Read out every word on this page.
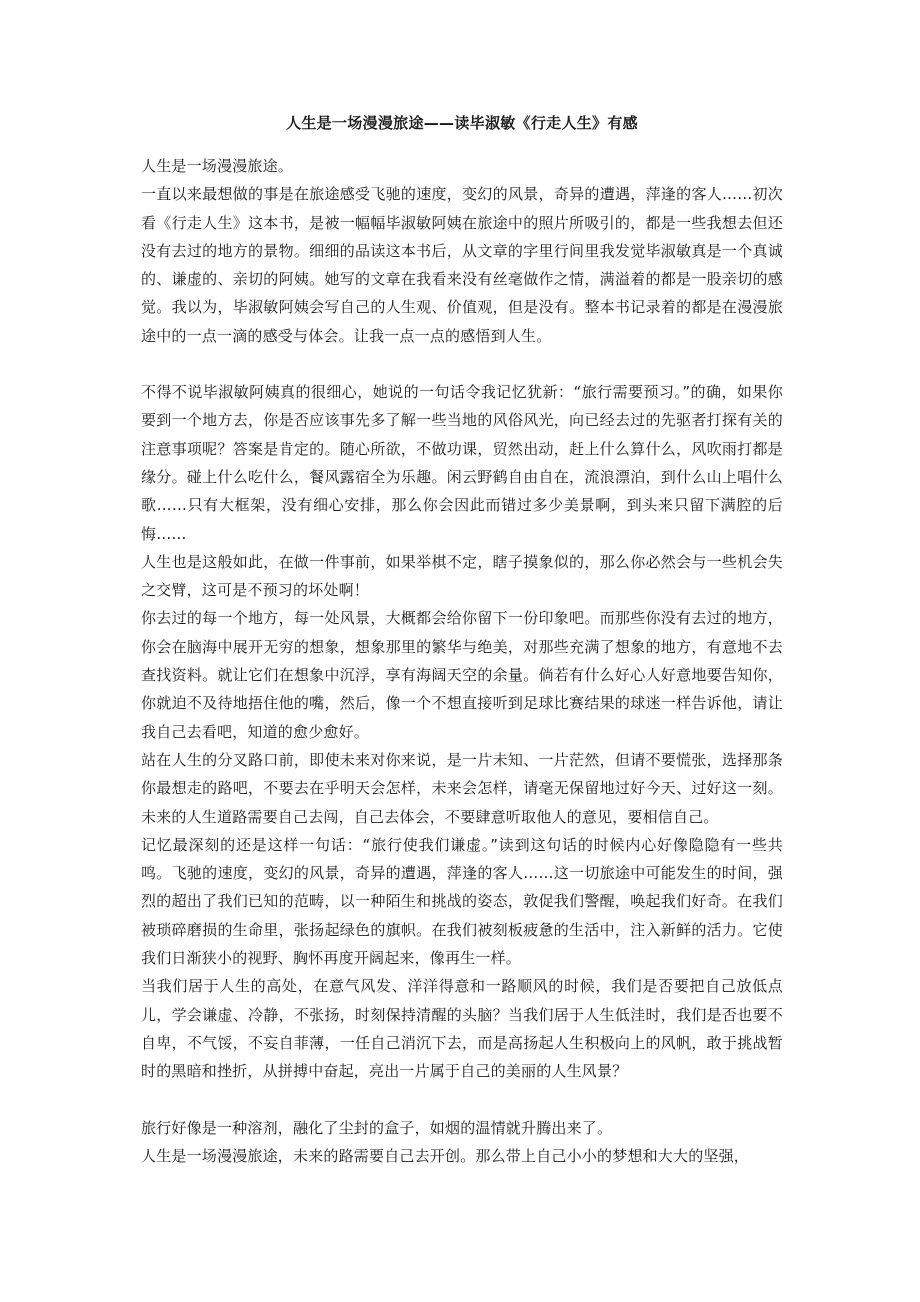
人生是一场漫漫旅途——读毕淑敏《行走人生》有感

人生是一场漫漫旅途。

一直以来最想做的事是在旅途感受飞驰的速度，变幻的风景，奇异的遭遇，萍逢的客人……初次看《行走人生》这本书，是被一幅幅毕淑敏阿姨在旅途中的照片所吸引的，都是一些我想去但还没有去过的地方的景物。细细的品读这本书后，从文章的字里行间里我发觉毕淑敏真是一个真诚的、谦虚的、亲切的阿姨。她写的文章在我看来没有丝毫做作之情，满溢着的都是一股亲切的感觉。我以为，毕淑敏阿姨会写自己的人生观、价值观，但是没有。整本书记录着的都是在漫漫旅途中的一点一滴的感受与体会。让我一点一点的感悟到人生。

不得不说毕淑敏阿姨真的很细心，她说的一句话令我记忆犹新：“旅行需要预习。”的确，如果你要到一个地方去，你是否应该事先多了解一些当地的风俗风光，向已经去过的先驱者打探有关的注意事项呢？答案是肯定的。随心所欲，不做功课，贸然出动，赶上什么算什么，风吹雨打都是缘分。碰上什么吃什么，餐风露宿全为乐趣。闲云野鹤自由自在，流浪漂泊，到什么山上唱什么歌……只有大框架，没有细心安排，那么你会因此而错过多少美景啊，到头来只留下满腔的后悔……

人生也是这般如此，在做一件事前，如果举棋不定，瞎子摸象似的，那么你必然会与一些机会失之交臂，这可是不预习的坏处啊！

你去过的每一个地方，每一处风景，大概都会给你留下一份印象吧。而那些你没有去过的地方，你会在脑海中展开无穷的想象，想象那里的繁华与绝美，对那些充满了想象的地方，有意地不去查找资料。就让它们在想象中沉浮，享有海阔天空的余量。倘若有什么好心人好意地要告知你，你就迫不及待地捂住他的嘴，然后，像一个不想直接听到足球比赛结果的球迷一样告诉他，请让我自己去看吧，知道的愈少愈好。

站在人生的分叉路口前，即使未来对你来说，是一片未知、一片茫然，但请不要慌张，选择那条你最想走的路吧，不要去在乎明天会怎样，未来会怎样，请毫无保留地过好今天、过好这一刻。未来的人生道路需要自己去闯，自己去体会，不要肆意听取他人的意见，要相信自己。

记忆最深刻的还是这样一句话：“旅行使我们谦虚。”读到这句话的时候内心好像隐隐有一些共鸣。飞驰的速度，变幻的风景，奇异的遭遇，萍逢的客人……这一切旅途中可能发生的时间，强烈的超出了我们已知的范畴，以一种陌生和挑战的姿态，敦促我们警醒，唤起我们好奇。在我们被琐碎磨损的生命里，张扬起绿色的旗帜。在我们被刻板疲惫的生活中，注入新鲜的活力。它使我们日渐狭小的视野、胸怀再度开阔起来，像再生一样。

当我们居于人生的高处，在意气风发、洋洋得意和一路顺风的时候，我们是否要把自己放低点儿，学会谦虚、冷静，不张扬，时刻保持清醒的头脑？当我们居于人生低洼时，我们是否也要不自卑，不气馁，不妄自菲薄，一任自己消沉下去，而是高扬起人生积极向上的风帆，敢于挑战暂时的黑暗和挫折，从拼搏中奋起，亮出一片属于自己的美丽的人生风景？

旅行好像是一种溶剂，融化了尘封的盒子，如烟的温情就升腾出来了。

人生是一场漫漫旅途，未来的路需要自己去开创。那么带上自己小小的梦想和大大的坚强，
